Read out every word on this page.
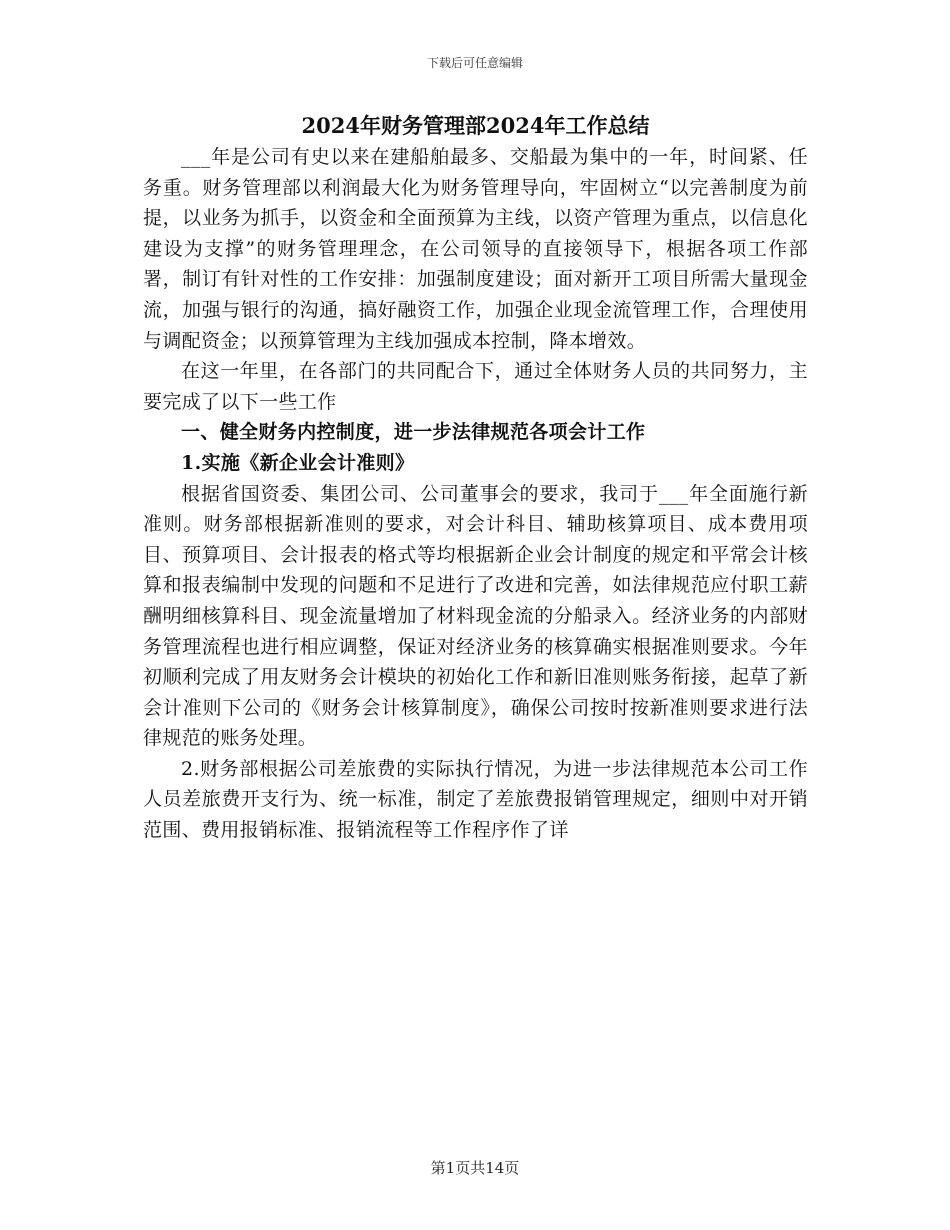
下载后可任意编辑
2024年财务管理部2024年工作总结

___年是公司有史以来在建船舶最多、交船最为集中的一年，时间紧、任务重。财务管理部以利润最大化为财务管理导向，牢固树立“以完善制度为前提，以业务为抓手，以资金和全面预算为主线，以资产管理为重点，以信息化建设为支撑”的财务管理理念，在公司领导的直接领导下，根据各项工作部署，制订有针对性的工作安排：加强制度建设；面对新开工项目所需大量现金流，加强与银行的沟通，搞好融资工作，加强企业现金流管理工作，合理使用与调配资金；以预算管理为主线加强成本控制，降本增效。

在这一年里，在各部门的共同配合下，通过全体财务人员的共同努力，主要完成了以下一些工作

一、健全财务内控制度，进一步法律规范各项会计工作

1.实施《新企业会计准则》

根据省国资委、集团公司、公司董事会的要求，我司于___年全面施行新准则。财务部根据新准则的要求，对会计科目、辅助核算项目、成本费用项目、预算项目、会计报表的格式等均根据新企业会计制度的规定和平常会计核算和报表编制中发现的问题和不足进行了改进和完善，如法律规范应付职工薪酬明细核算科目、现金流量增加了材料现金流的分船录入。经济业务的内部财务管理流程也进行相应调整，保证对经济业务的核算确实根据准则要求。今年初顺利完成了用友财务会计模块的初始化工作和新旧准则账务衔接，起草了新会计准则下公司的《财务会计核算制度》，确保公司按时按新准则要求进行法律规范的账务处理。

2.财务部根据公司差旅费的实际执行情况，为进一步法律规范本公司工作人员差旅费开支行为、统一标准，制定了差旅费报销管理规定，细则中对开销范围、费用报销标准、报销流程等工作程序作了详

第1页共14页
